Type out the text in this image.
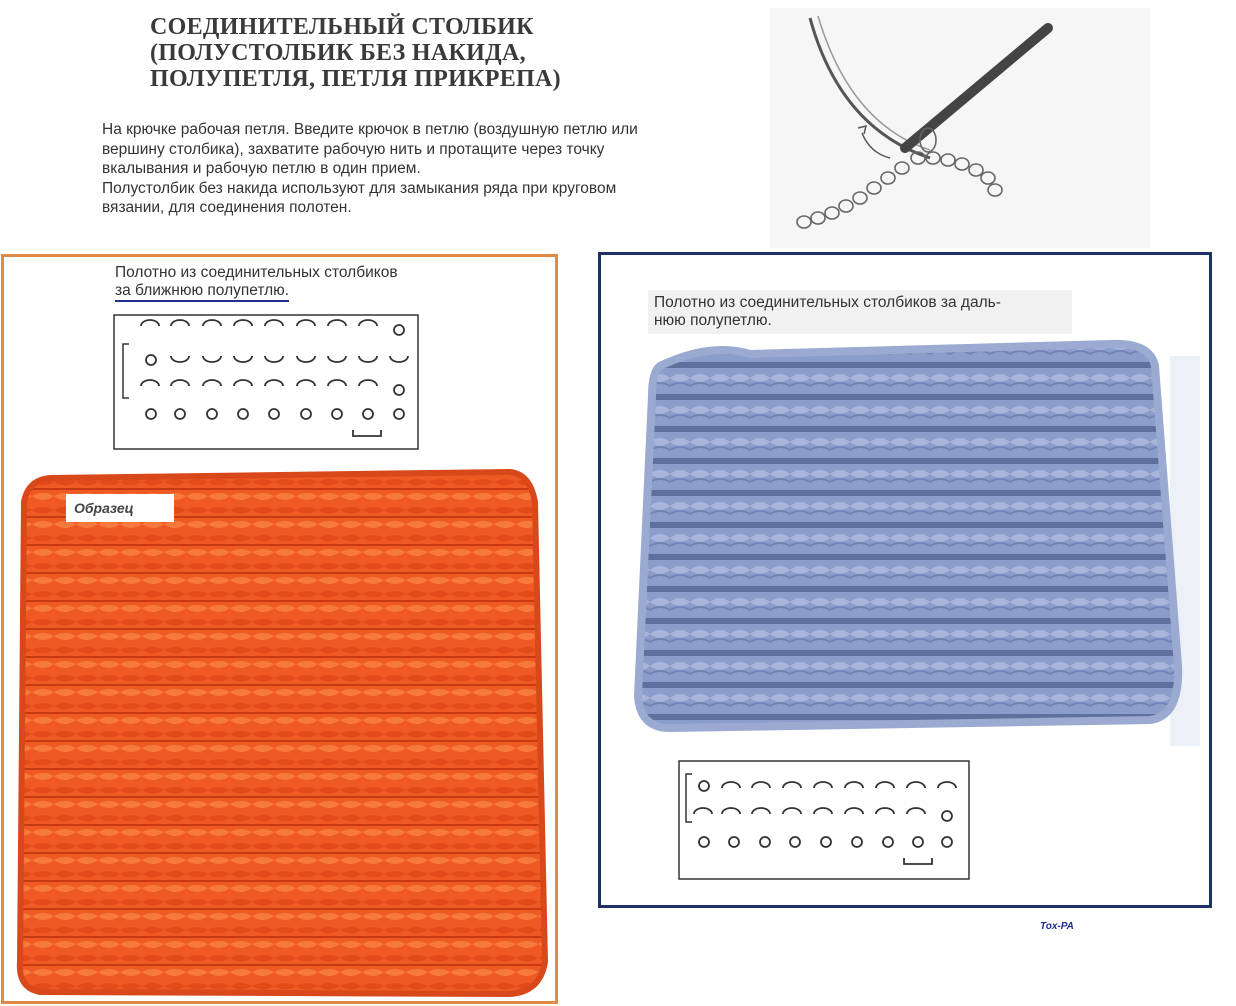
СОЕДИНИТЕЛЬНЫЙ СТОЛБИК
(ПОЛУСТОЛБИК БЕЗ НАКИДА,
ПОЛУПЕТЛЯ, ПЕТЛЯ ПРИКРЕПА)

На крючке рабочая петля. Введите крючок в петлю (воздушную петлю или вершину столбика), захватите рабочую нить и протащите через точку вкалывания и рабочую петлю в один прием.

Полустолбик без накида используют для замыкания ряда при круговом вязании, для соединения полотен.

Полотно из соединительных столбиков
за ближнюю полупетлю.
Образец
Полотно из соединительных столбиков за даль-
нюю полупетлю.
Tox-PA
